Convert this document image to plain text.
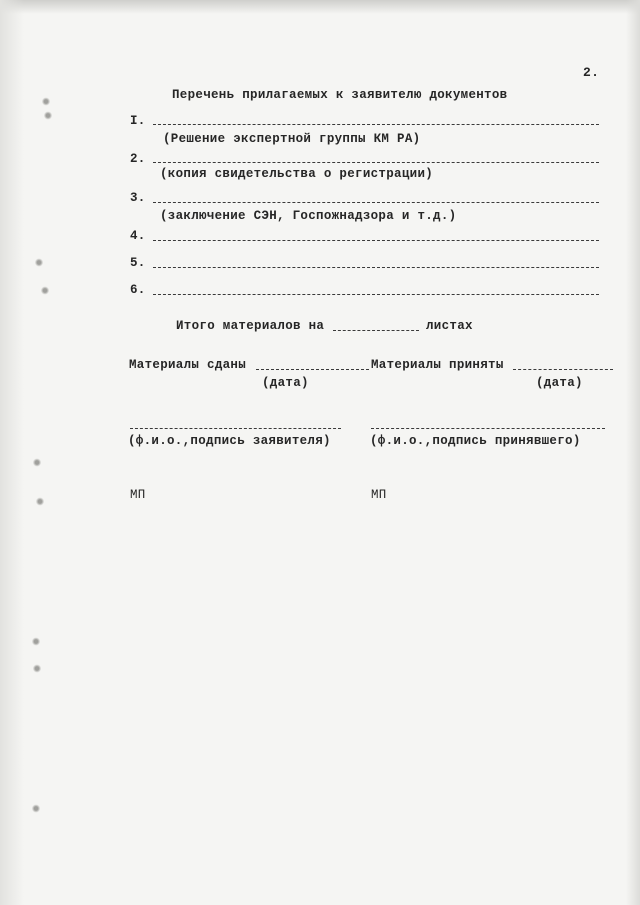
2.
Перечень прилагаемых к заявителю документов
I.
(Решение экспертной группы КМ РА)
2.
(копия свидетельства о регистрации)
3.
(заключение СЭН, Госпожнадзора и т.д.)
4.
5.
6.
Итого материалов на	листах
Материалы сданы
(дата)
Материалы приняты
(дата)
(ф.и.о.,подпись заявителя)	(ф.и.о.,подпись принявшего)
МП	МП
